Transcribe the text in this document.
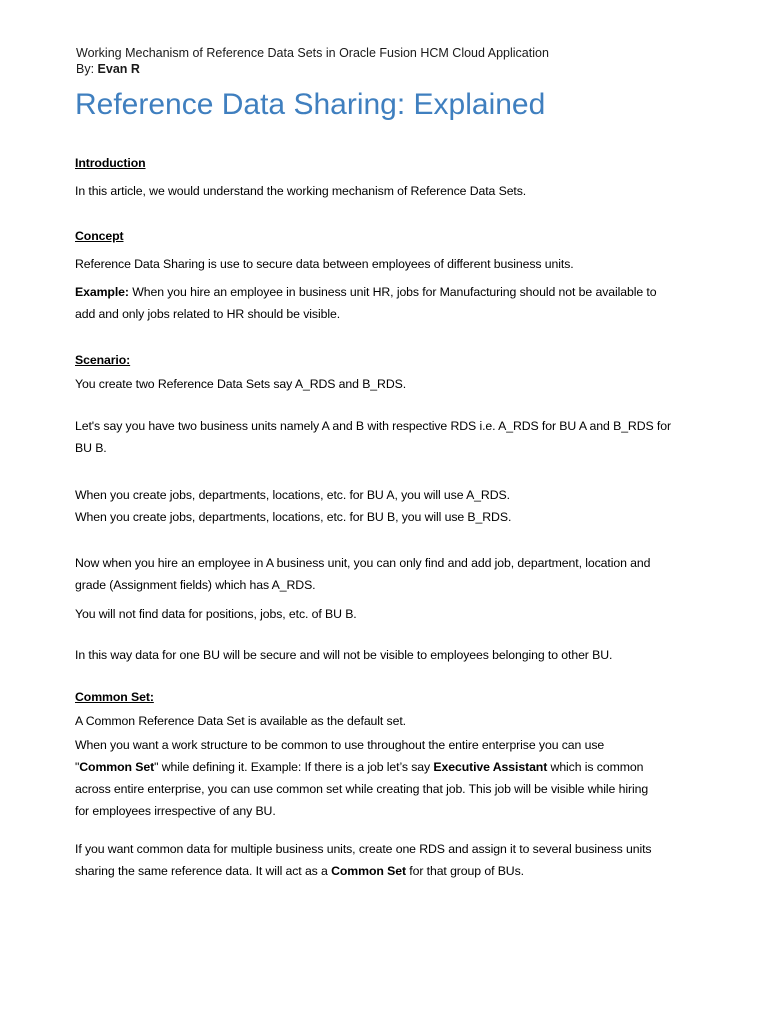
Working Mechanism of Reference Data Sets in Oracle Fusion HCM Cloud Application
By: Evan R
Reference Data Sharing: Explained
Introduction
In this article, we would understand the working mechanism of Reference Data Sets.
Concept
Reference Data Sharing is use to secure data between employees of different business units.
Example: When you hire an employee in business unit HR, jobs for Manufacturing should not be available to
add and only jobs related to HR should be visible.
Scenario:
You create two Reference Data Sets say A_RDS and B_RDS.
Let's say you have two business units namely A and B with respective RDS i.e. A_RDS for BU A and B_RDS for
BU B.
When you create jobs, departments, locations, etc. for BU A, you will use A_RDS.
When you create jobs, departments, locations, etc. for BU B, you will use B_RDS.
Now when you hire an employee in A business unit, you can only find and add job, department, location and
grade (Assignment fields) which has A_RDS.
You will not find data for positions, jobs, etc. of BU B.
In this way data for one BU will be secure and will not be visible to employees belonging to other BU.
Common Set:
A Common Reference Data Set is available as the default set.
When you want a work structure to be common to use throughout the entire enterprise you can use
"Common Set" while defining it. Example: If there is a job let’s say Executive Assistant which is common
across entire enterprise, you can use common set while creating that job. This job will be visible while hiring
for employees irrespective of any BU.
If you want common data for multiple business units, create one RDS and assign it to several business units
sharing the same reference data. It will act as a Common Set for that group of BUs.
